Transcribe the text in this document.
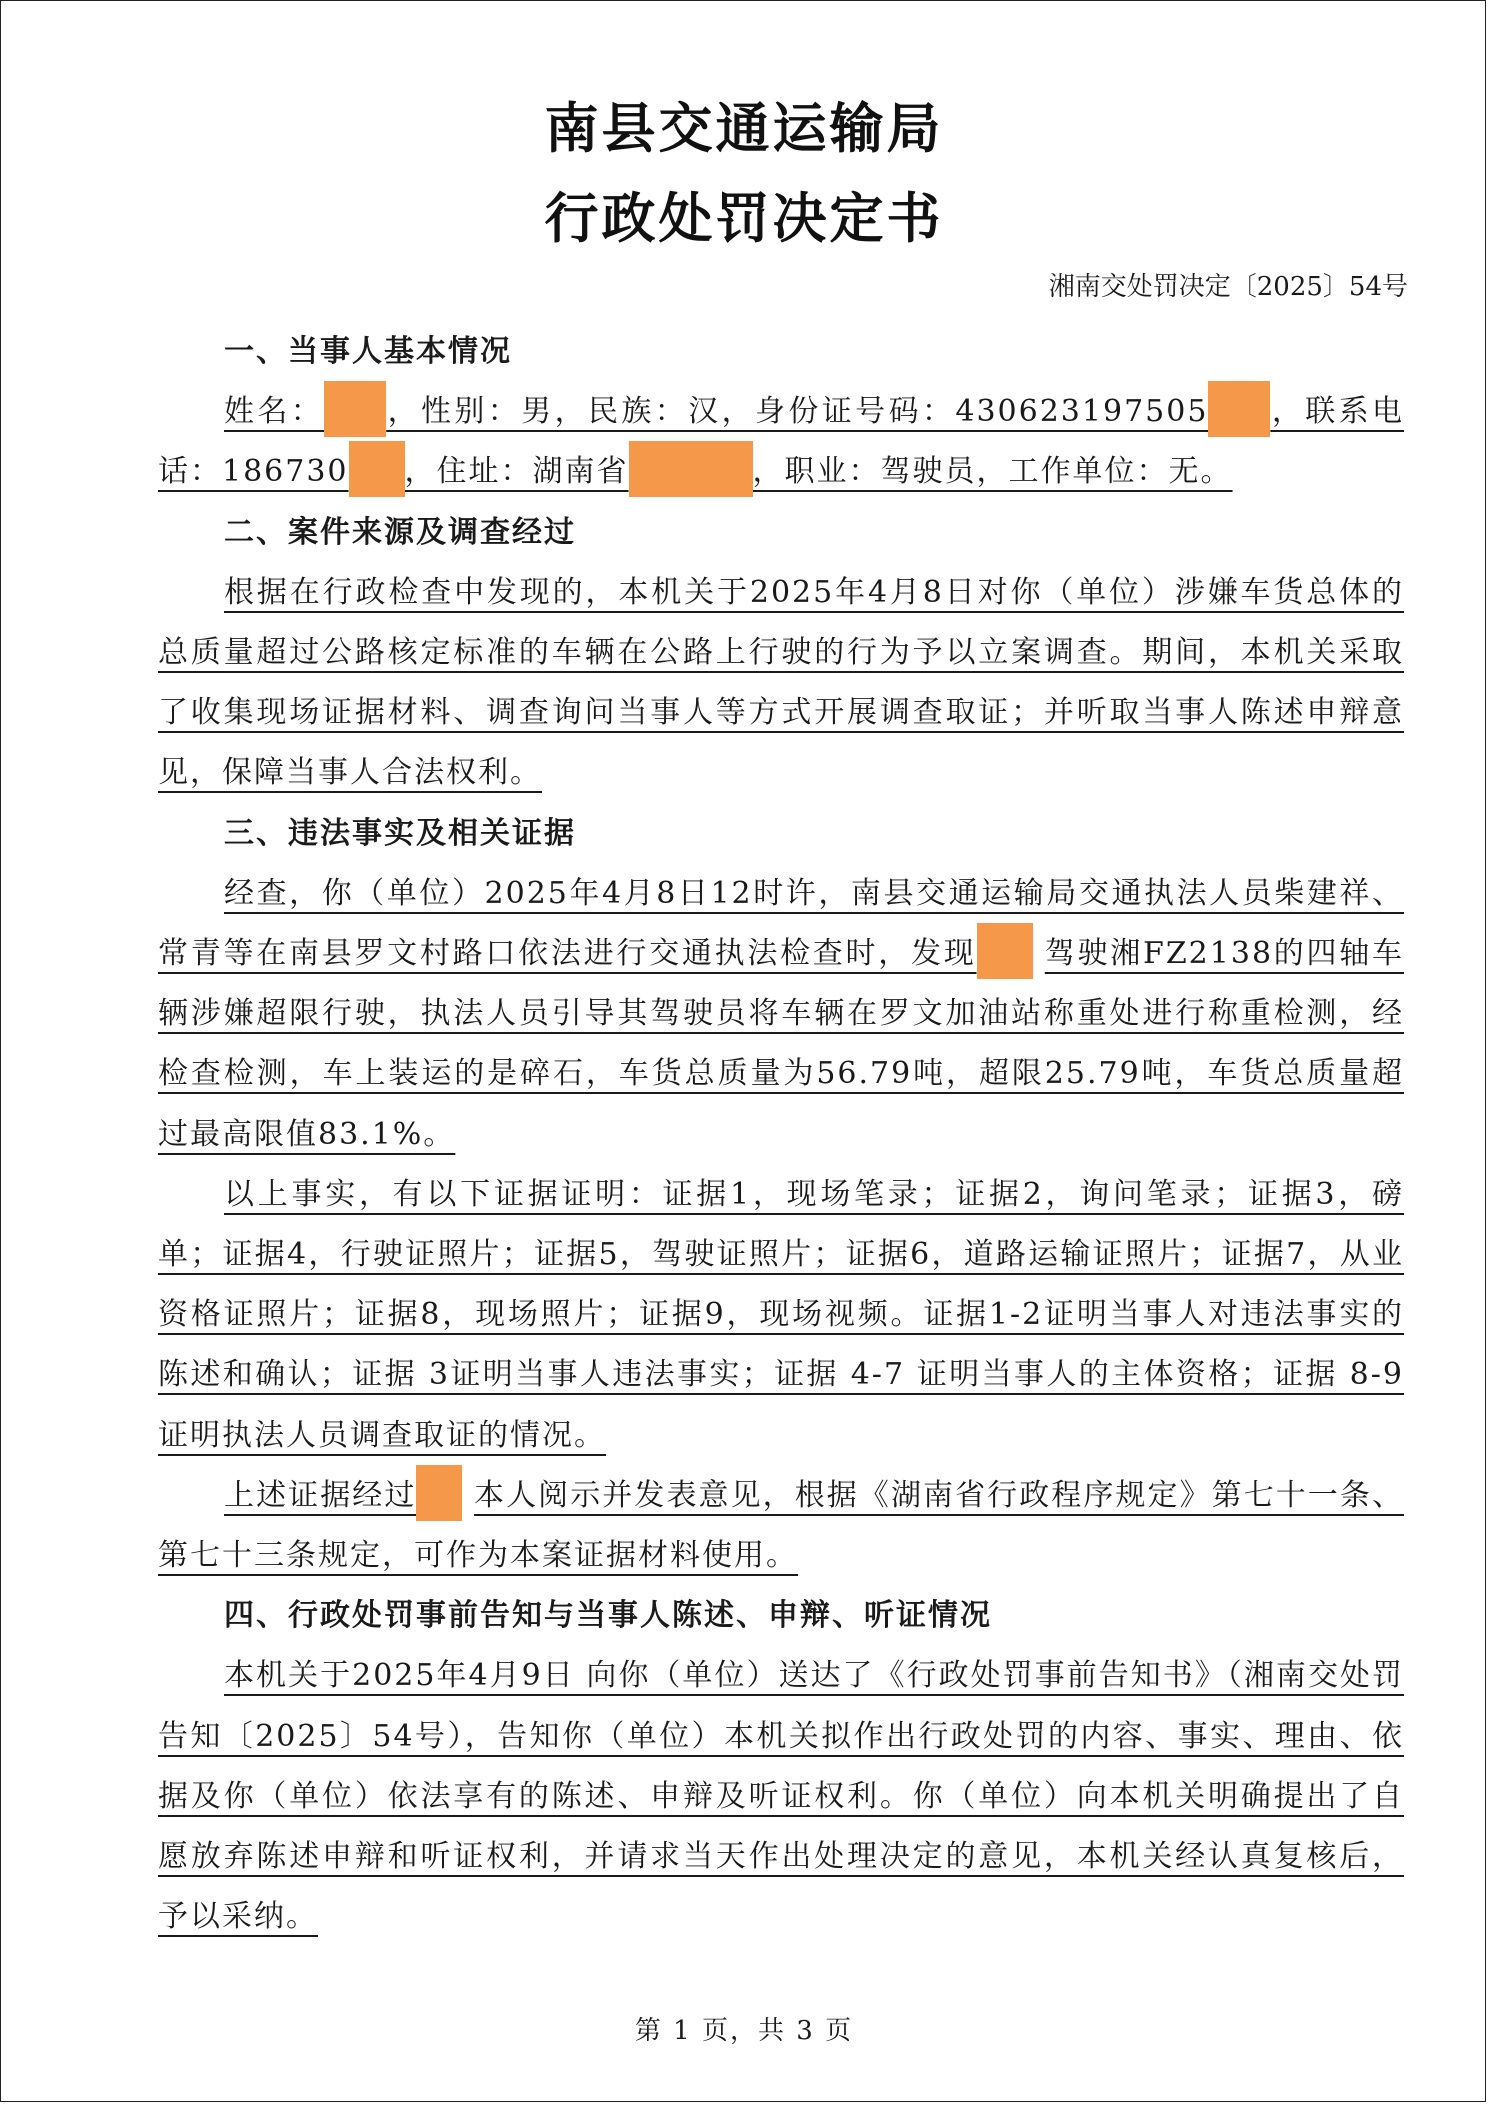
南县交通运输局
行政处罚决定书
湘南交处罚决定〔2025〕54号
一、当事人基本情况

姓名： ，性别：男，民族：汉，身份证号码：430623197505 ，联系电话：186730 ，住址：湖南省	，职业：驾驶员，工作单位：无。

二、案件来源及调查经过

根据在行政检查中发现的，本机关于2025年4月8日对你（单位）涉嫌车货总体的总质量超过公路核定标准的车辆在公路上行驶的行为予以立案调查。期间，本机关采取了收集现场证据材料、调查询问当事人等方式开展调查取证；并听取当事人陈述申辩意见，保障当事人合法权利。

三、违法事实及相关证据

经查，你（单位）2025年4月8日12时许，南县交通运输局交通执法人员柴建祥、常青等在南县罗文村路口依法进行交通执法检查时，发现 驾驶湘FZ2138的四轴车辆涉嫌超限行驶，执法人员引导其驾驶员将车辆在罗文加油站称重处进行称重检测，经检查检测，车上装运的是碎石，车货总质量为56.79吨，超限25.79吨，车货总质量超过最高限值83.1%。

以上事实，有以下证据证明：证据1，现场笔录；证据2，询问笔录；证据3，磅单；证据4，行驶证照片；证据5，驾驶证照片；证据6，道路运输证照片；证据7，从业资格证照片；证据8，现场照片；证据9，现场视频。证据1-2证明当事人对违法事实的陈述和确认；证据 3证明当事人违法事实；证据 4-7 证明当事人的主体资格；证据 8-9 证明执法人员调查取证的情况。

上述证据经过 本人阅示并发表意见，根据《湖南省行政程序规定》第七十一条、第七十三条规定，可作为本案证据材料使用。

四、行政处罚事前告知与当事人陈述、申辩、听证情况

本机关于2025年4月9日 向你（单位）送达了《行政处罚事前告知书》（湘南交处罚告知〔2025〕54号），告知你（单位）本机关拟作出行政处罚的内容、事实、理由、依据及你（单位）依法享有的陈述、申辩及听证权利。你（单位）向本机关明确提出了自愿放弃陈述申辩和听证权利，并请求当天作出处理决定的意见，本机关经认真复核后，予以采纳。

第 1 页，共 3 页
